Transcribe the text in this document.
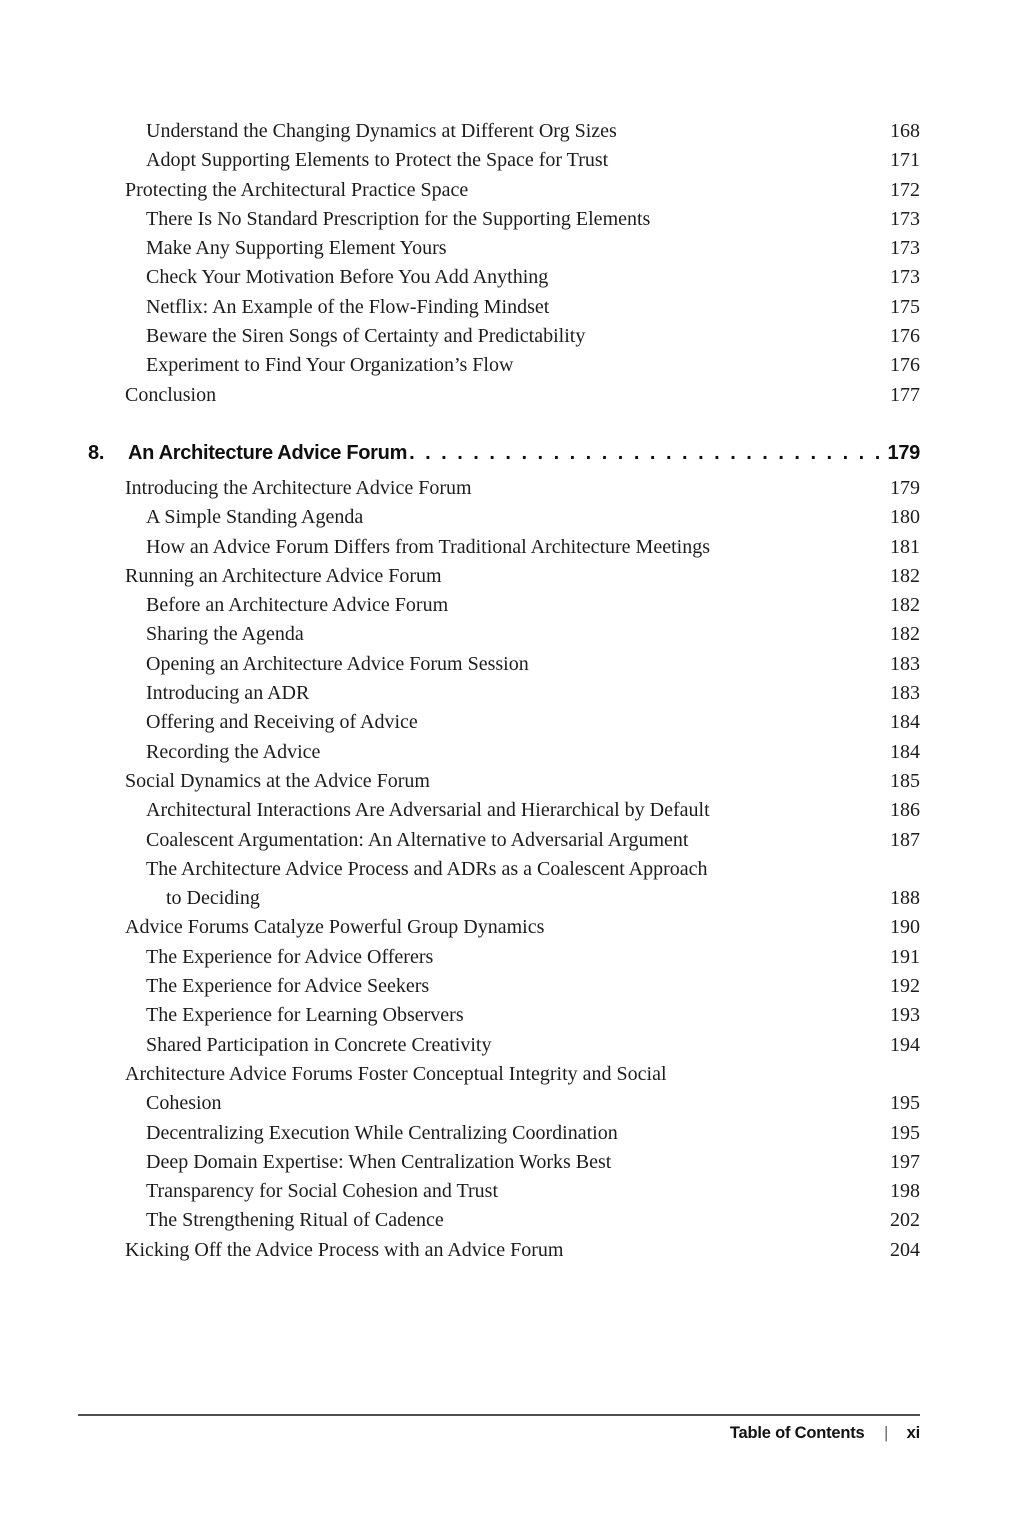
Understand the Changing Dynamics at Different Org Sizes	168
Adopt Supporting Elements to Protect the Space for Trust	171
Protecting the Architectural Practice Space	172
There Is No Standard Prescription for the Supporting Elements	173
Make Any Supporting Element Yours	173
Check Your Motivation Before You Add Anything	173
Netflix: An Example of the Flow-Finding Mindset	175
Beware the Siren Songs of Certainty and Predictability	176
Experiment to Find Your Organization’s Flow	176
Conclusion	177
8.	An Architecture Advice Forum .....	179
Introducing the Architecture Advice Forum	179
A Simple Standing Agenda	180
How an Advice Forum Differs from Traditional Architecture Meetings	181
Running an Architecture Advice Forum	182
Before an Architecture Advice Forum	182
Sharing the Agenda	182
Opening an Architecture Advice Forum Session	183
Introducing an ADR	183
Offering and Receiving of Advice	184
Recording the Advice	184
Social Dynamics at the Advice Forum	185
Architectural Interactions Are Adversarial and Hierarchical by Default	186
Coalescent Argumentation: An Alternative to Adversarial Argument	187
The Architecture Advice Process and ADRs as a Coalescent Approach
to Deciding	188
Advice Forums Catalyze Powerful Group Dynamics	190
The Experience for Advice Offerers	191
The Experience for Advice Seekers	192
The Experience for Learning Observers	193
Shared Participation in Concrete Creativity	194
Architecture Advice Forums Foster Conceptual Integrity and Social
Cohesion	195
Decentralizing Execution While Centralizing Coordination	195
Deep Domain Expertise: When Centralization Works Best	197
Transparency for Social Cohesion and Trust	198
The Strengthening Ritual of Cadence	202
Kicking Off the Advice Process with an Advice Forum	204
Table of Contents | xi
